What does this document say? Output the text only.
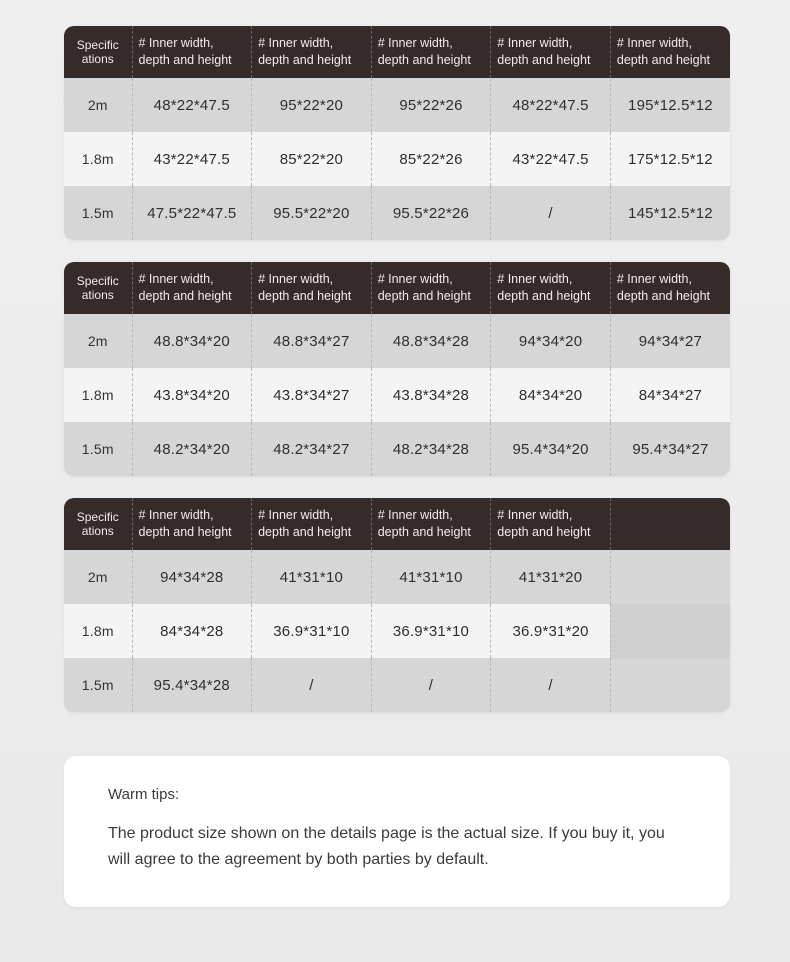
Specific
ations	# Inner width, depth and height	# Inner width, depth and height	# Inner width, depth and height	# Inner width, depth and height	# Inner width, depth and height
2m	48*22*47.5	95*22*20	95*22*26	48*22*47.5	195*12.5*12
1.8m	43*22*47.5	85*22*20	85*22*26	43*22*47.5	175*12.5*12
1.5m	47.5*22*47.5	95.5*22*20	95.5*22*26	/	145*12.5*12
Specific
ations	# Inner width, depth and height	# Inner width, depth and height	# Inner width, depth and height	# Inner width, depth and height	# Inner width, depth and height
2m	48.8*34*20	48.8*34*27	48.8*34*28	94*34*20	94*34*27
1.8m	43.8*34*20	43.8*34*27	43.8*34*28	84*34*20	84*34*27
1.5m	48.2*34*20	48.2*34*27	48.2*34*28	95.4*34*20	95.4*34*27
Specific
ations	# Inner width, depth and height	# Inner width, depth and height	# Inner width, depth and height	# Inner width, depth and height	
2m	94*34*28	41*31*10	41*31*10	41*31*20	
1.8m	84*34*28	36.9*31*10	36.9*31*10	36.9*31*20	
1.5m	95.4*34*28	/	/	/	
Warm tips:
The product size shown on the details page is the actual size. If you buy it, you will agree to the agreement by both parties by default.
